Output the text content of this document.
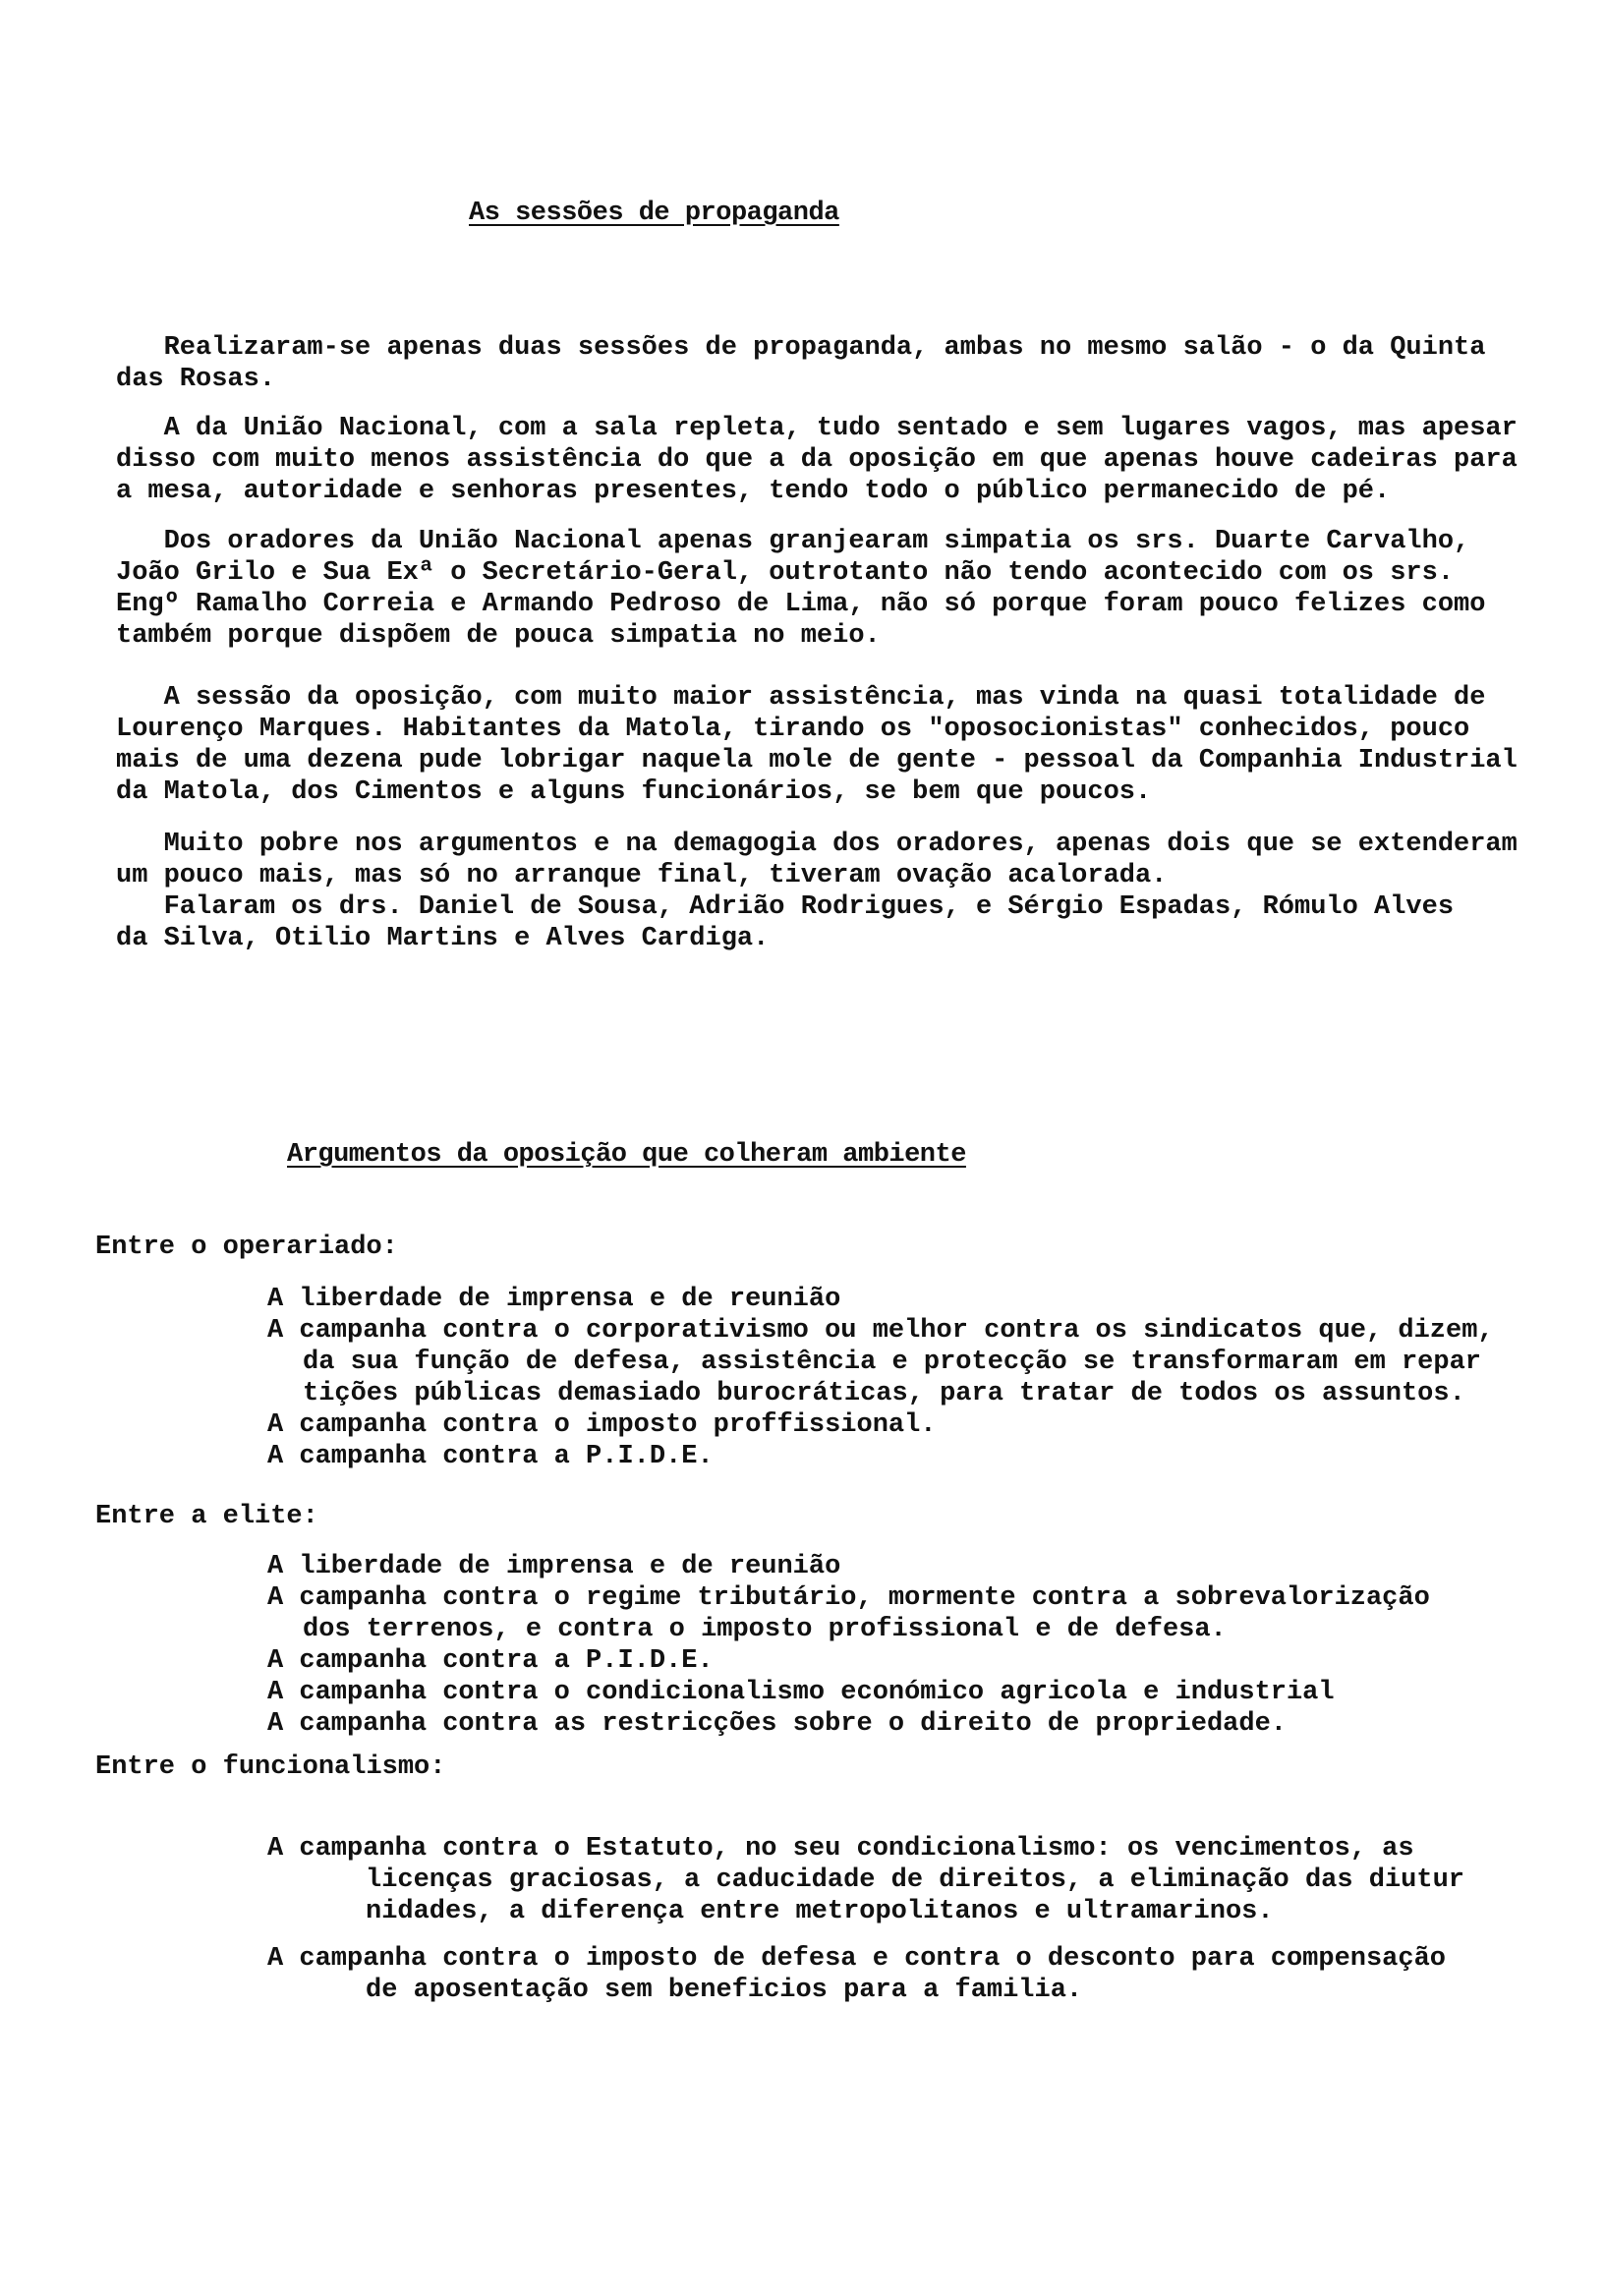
As sessões de propaganda
Realizaram-se apenas duas sessões de propaganda, ambas no mesmo salão - o da Quinta
das Rosas.
A da União Nacional, com a sala repleta, tudo sentado e sem lugares vagos, mas apesar
disso com muito menos assistência do que a da oposição em que apenas houve cadeiras para
a mesa, autoridade e senhoras presentes, tendo todo o público permanecido de pé.
Dos oradores da União Nacional apenas granjearam simpatia os srs. Duarte Carvalho,
João Grilo e Sua Exª o Secretário-Geral, outrotanto não tendo acontecido com os srs.
Engº Ramalho Correia e Armando Pedroso de Lima, não só porque foram pouco felizes como
também porque dispõem de pouca simpatia no meio.
A sessão da oposição, com muito maior assistência, mas vinda na quasi totalidade de
Lourenço Marques. Habitantes da Matola, tirando os "oposocionistas" conhecidos, pouco
mais de uma dezena pude lobrigar naquela mole de gente - pessoal da Companhia Industrial
da Matola, dos Cimentos e alguns funcionários, se bem que poucos.
Muito pobre nos argumentos e na demagogia dos oradores, apenas dois que se extenderam
um pouco mais, mas só no arranque final, tiveram ovação acalorada.
Falaram os drs. Daniel de Sousa, Adrião Rodrigues, e Sérgio Espadas, Rómulo Alves
da Silva, Otilio Martins e Alves Cardiga.
Argumentos da oposição que colheram ambiente
Entre o operariado:
A liberdade de imprensa e de reunião
A campanha contra o corporativismo ou melhor contra os sindicatos que, dizem,
da sua função de defesa, assistência e protecção se transformaram em repar
tições públicas demasiado burocráticas, para tratar de todos os assuntos.
A campanha contra o imposto proffissional.
A campanha contra a P.I.D.E.
Entre a elite:
A liberdade de imprensa e de reunião
A campanha contra o regime tributário, mormente contra a sobrevalorização
dos terrenos, e contra o imposto profissional e de defesa.
A campanha contra a P.I.D.E.
A campanha contra o condicionalismo económico agricola e industrial
A campanha contra as restricções sobre o direito de propriedade.
Entre o funcionalismo:
A campanha contra o Estatuto, no seu condicionalismo: os vencimentos, as
licenças graciosas, a caducidade de direitos, a eliminação das diutur
nidades, a diferença entre metropolitanos e ultramarinos.
A campanha contra o imposto de defesa e contra o desconto para compensação
de aposentação sem beneficios para a familia.
